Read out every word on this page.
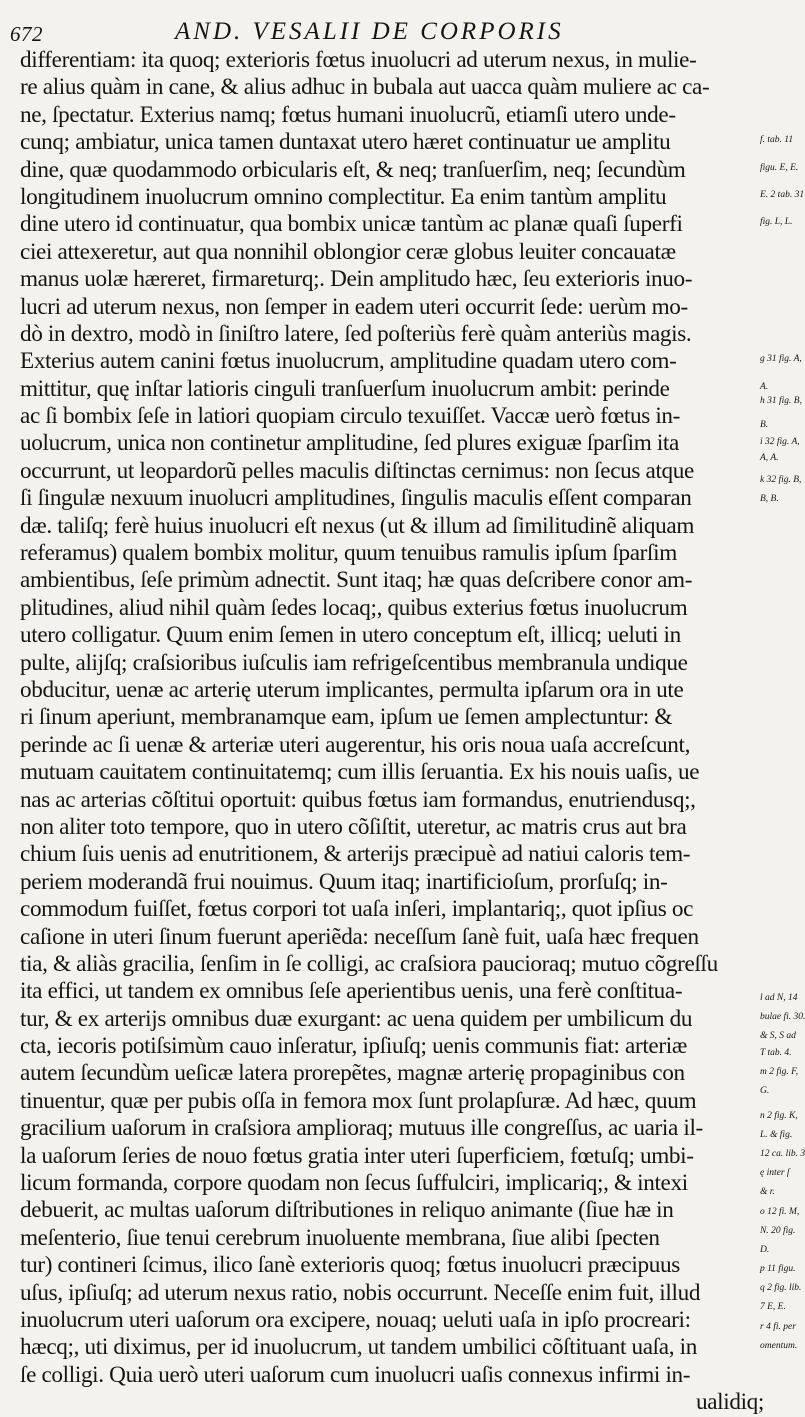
672	AND. VESALII DE CORPORIS
differentiam: ita quoq; exterioris fœtus inuolucri ad uterum nexus, in mulie-
re alius quàm in cane, & alius adhuc in bubala aut uacca quàm muliere ac ca-
ne, ſpectatur. Exterius namq; fœtus humani inuolucrũ, etiamſi utero unde-
cunq; ambiatur, unica tamen duntaxat utero hæret continuatur ue amplitu
dine, quæ quodammodo orbicularis eſt, & neq; tranſuerſim, neq; ſecundùm
longitudinem inuolucrum omnino complectitur. Ea enim tantùm amplitu
dine utero id continuatur, qua bombix unicæ tantùm ac planæ quaſi ſuperfi
ciei attexeretur, aut qua nonnihil oblongior ceræ globus leuiter concauatæ
manus uolæ hæreret, firmareturq;. Dein amplitudo hæc, ſeu exterioris inuo-
lucri ad uterum nexus, non ſemper in eadem uteri occurrit ſede: uerùm mo-
dò in dextro, modò in ſiniſtro latere, ſed poſteriùs ferè quàm anteriùs magis.
Exterius autem canini fœtus inuolucrum, amplitudine quadam utero com-
mittitur, quę inſtar latioris cinguli tranſuerſum inuolucrum ambit: perinde
ac ſi bombix ſeſe in latiori quopiam circulo texuiſſet. Vaccæ uerò fœtus in-
uolucrum, unica non continetur amplitudine, ſed plures exiguæ ſparſim ita
occurrunt, ut leopardorũ pelles maculis diſtinctas cernimus: non ſecus atque
ſi ſingulæ nexuum inuolucri amplitudines, ſingulis maculis eſſent comparan
dæ. taliſq; ferè huius inuolucri eſt nexus (ut & illum ad ſimilitudinẽ aliquam
referamus) qualem bombix molitur, quum tenuibus ramulis ipſum ſparſim
ambientibus, ſeſe primùm adnectit. Sunt itaq; hæ quas deſcribere conor am-
plitudines, aliud nihil quàm ſedes locaq;, quibus exterius fœtus inuolucrum
utero colligatur. Quum enim ſemen in utero conceptum eſt, illicq; ueluti in
pulte, alijſq; craſsioribus iuſculis iam refrigeſcentibus membranula undique
obducitur, uenæ ac arterię uterum implicantes, permulta ipſarum ora in ute
ri ſinum aperiunt, membranamque eam, ipſum ue ſemen amplectuntur: &
perinde ac ſi uenæ & arteriæ uteri augerentur, his oris noua uaſa accreſcunt,
mutuam cauitatem continuitatemq; cum illis ſeruantia. Ex his nouis uaſis, ue
nas ac arterias cõſtitui oportuit: quibus fœtus iam formandus, enutriendusq;,
non aliter toto tempore, quo in utero cõſiſtit, uteretur, ac matris crus aut bra
chium ſuis uenis ad enutritionem, & arterijs præcipuè ad natiui caloris tem-
periem moderandã frui nouimus. Quum itaq; inartificioſum, prorſuſq; in-
commodum fuiſſet, fœtus corpori tot uaſa inſeri, implantariq;, quot ipſius oc
caſione in uteri ſinum fuerunt aperiẽda: neceſſum ſanè fuit, uaſa hæc frequen
tia, & aliàs gracilia, ſenſim in ſe colligi, ac craſsiora paucioraq; mutuo cõgreſſu
ita effici, ut tandem ex omnibus ſeſe aperientibus uenis, una ferè conſtitua-
tur, & ex arterijs omnibus duæ exurgant: ac uena quidem per umbilicum du
cta, iecoris potiſsimùm cauo inſeratur, ipſiuſq; uenis communis fiat: arteriæ
autem ſecundùm ueſicæ latera prorepẽtes, magnæ arterię propaginibus con
tinuentur, quæ per pubis oſſa in femora mox ſunt prolapſuræ. Ad hæc, quum
gracilium uaſorum in craſsiora amplioraq; mutuus ille congreſſus, ac uaria il-
la uaſorum ſeries de nouo fœtus gratia inter uteri ſuperficiem, fœtuſq; umbi-
licum formanda, corpore quodam non ſecus ſuffulciri, implicariq;, & intexi
debuerit, ac multas uaſorum diſtributiones in reliquo animante (ſiue hæ in
meſenterio, ſiue tenui cerebrum inuoluente membrana, ſiue alibi ſpecten
tur) contineri ſcimus, ilico ſanè exterioris quoq; fœtus inuolucri præcipuus
uſus, ipſiuſq; ad uterum nexus ratio, nobis occurrunt. Neceſſe enim fuit, illud
inuolucrum uteri uaſorum ora excipere, nouaq; ueluti uaſa in ipſo procreari:
hæcq;, uti diximus, per id inuolucrum, ut tandem umbilici cõſtituant uaſa, in
ſe colligi. Quia uerò uteri uaſorum cum inuolucri uaſis connexus infirmi in-
ualidiq;
f. tab. 11
figu. E, E.
E. 2 tab. 31
fig. L, L.
g 31 fig. A,
A.
h 31 fig. B,
B.
i 32 fig. A,
A, A.
k 32 fig. B,
B, B.
l ad N, 14
bulae fi. 30.
& S, S ad
T tab. 4.
m 2 fig. F,
G.
n 2 fig. K,
L. & fig.
12 ca. lib. 3
ę inter ſ
& r.
o 12 fi. M,
N. 20 fig.
D.
p 11 figu.
q 2 fig. lib.
7 E, E.
r 4 fi. per
omentum.
